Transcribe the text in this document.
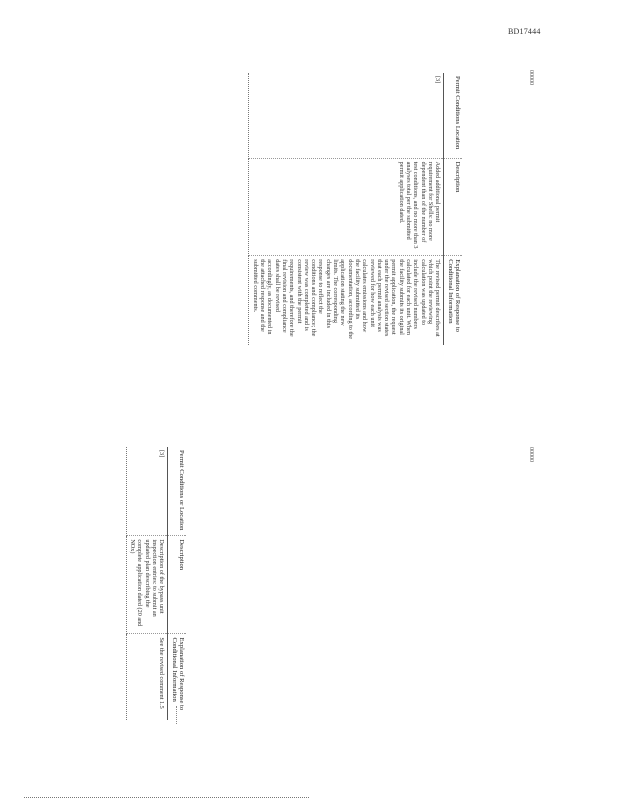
BD17444
00000
00000
Permit Conditions Location	Description	Explanation of Response to Conditional Information
[3]	Added additional permit requirement for Shells: no more dependent than of the number of test conditions, and no more than 3 analyses total per the submitted permit application dated.	The revised permit describes at which point the reviewing calculation was updated to include the revised numbers calculated for each unit. When the facility submits its original permit application, the request under the revised section states that each permit analysis was reviewed for how each unit calculates emissions and how the facility submitted its documentation, according to the application stating the new limits. The corresponding changes are included in this response to reflect the conditions and compliance; the review was completed and is consistent with the permit requirements, and therefore the final revision and compliance dates shall be revised accordingly, as documented in the attached response and the submitted comments.
Permit Conditions or Location	Description	Explanation of Response to Conditional Information
[3]	Description of the bypass unit inspection entries: to submit an updated plan describing the complete application dated (20 and NOx)	See the revised comment 1.5
